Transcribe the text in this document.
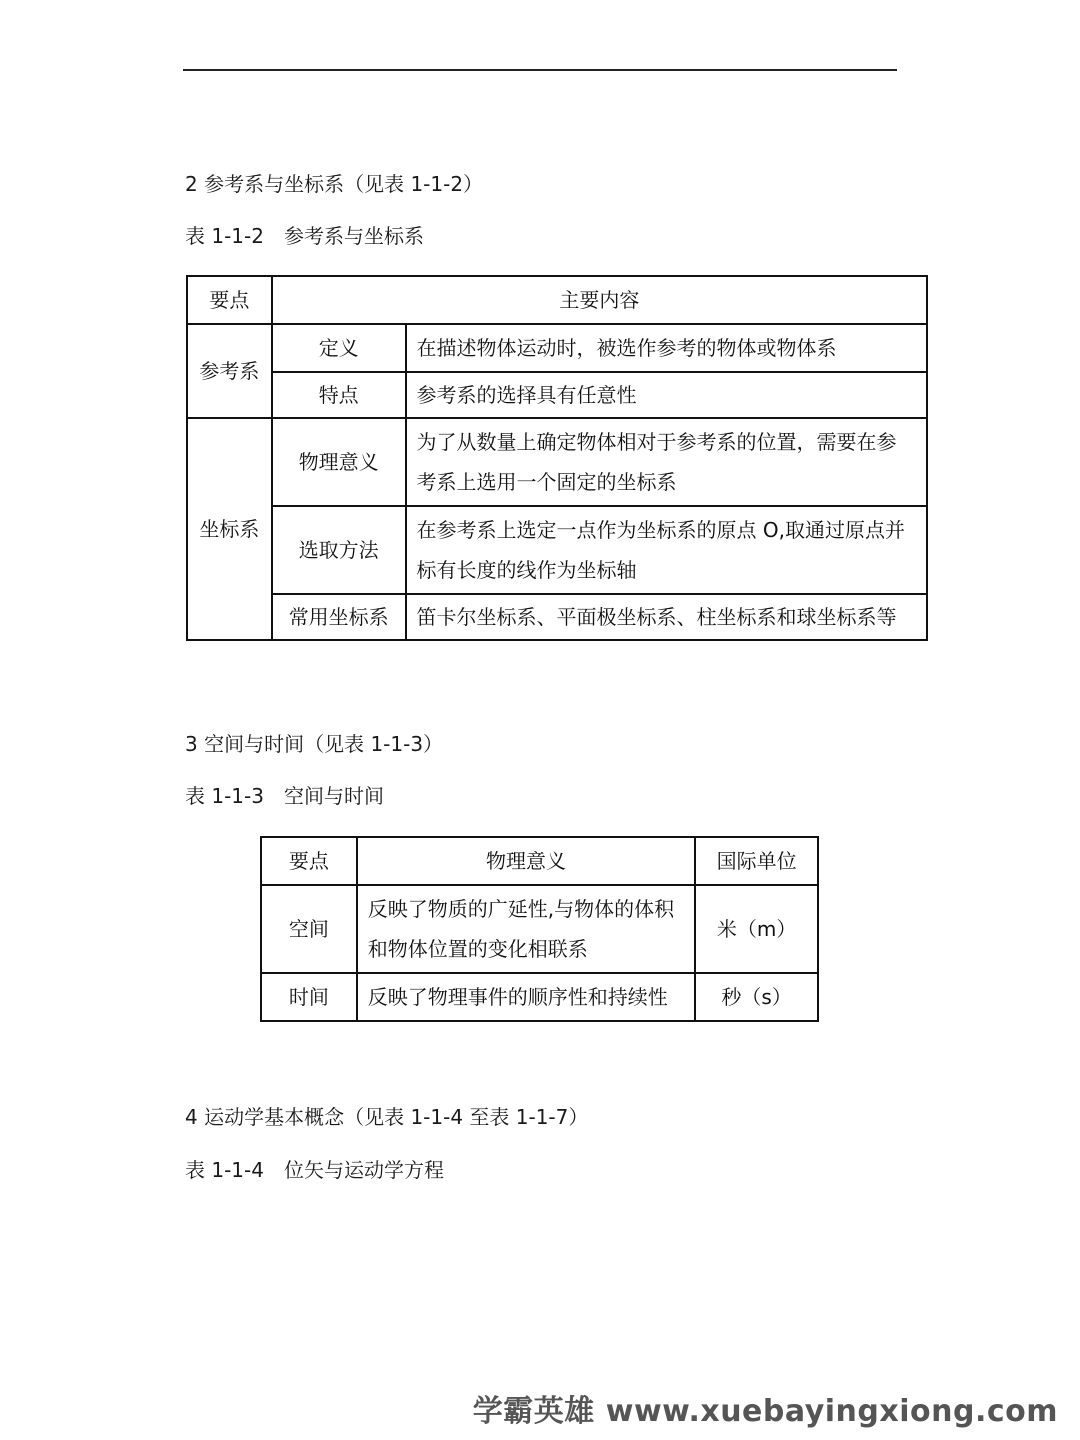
2 参考系与坐标系（见表 1-1-2）
表 1-1-2　参考系与坐标系
要点	主要内容	
参考系	定义	在描述物体运动时，被选作参考的物体或物体系
	特点	参考系的选择具有任意性
坐标系	物理意义	为了从数量上确定物体相对于参考系的位置，需要在参
考系上选用一个固定的坐标系

	选取方法	在参考系上选定一点作为坐标系的原点 O,取通过原点并
标有长度的线作为坐标轴

	常用坐标系	笛卡尔坐标系、平面极坐标系、柱坐标系和球坐标系等
3 空间与时间（见表 1-1-3）
表 1-1-3　空间与时间
要点	物理意义	国际单位
空间	反映了物质的广延性,与物体的体积
和物体位置的变化相联系	米（m）
时间	反映了物理事件的顺序性和持续性	秒（s）
4 运动学基本概念（见表 1-1-4 至表 1-1-7）
表 1-1-4　位矢与运动学方程
学霸英雄 www.xuebayingxiong.com
